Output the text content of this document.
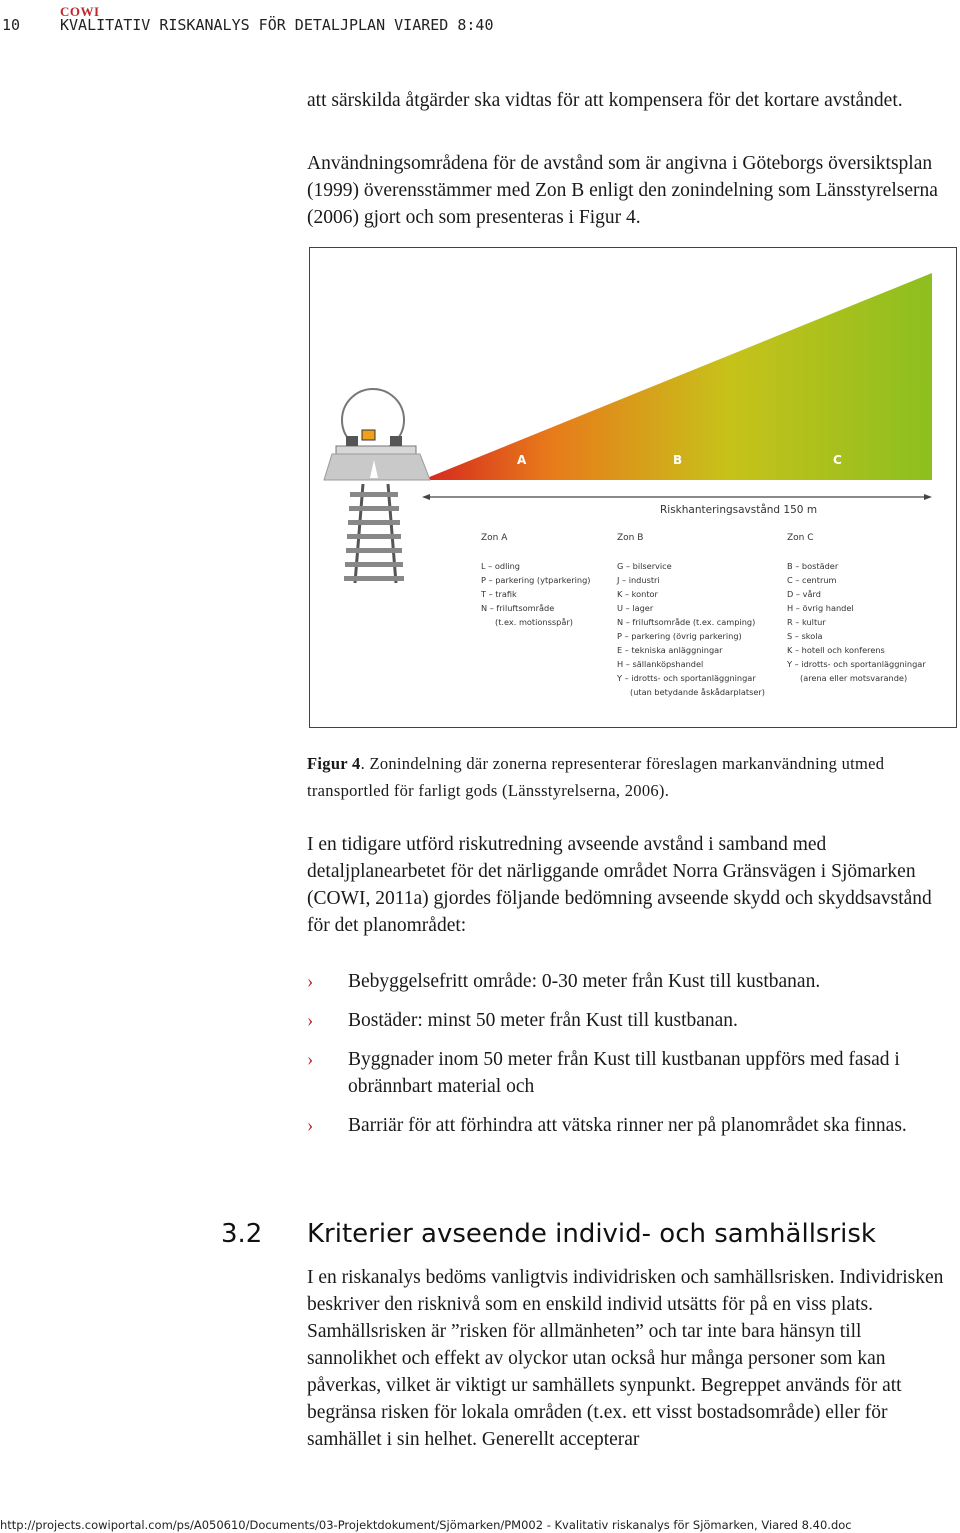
10
COWI
KVALITATIV RISKANALYS FÖR DETALJPLAN VIARED 8:40

att särskilda åtgärder ska vidtas för att kompensera för det kortare avståndet.

Användningsområdena för de avstånd som är angivna i Göteborgs översiktsplan (1999) överensstämmer med Zon B enligt den zonindelning som Länsstyrelserna (2006) gjort och som presenteras i Figur 4.

A	B	C
Riskhanteringsavstånd 150 m
Zon A
L – odling
P – parkering (ytparkering)
T – trafik
N – friluftsområde
(t.ex. motionsspår)
Zon B
G – bilservice
J – industri
K – kontor
U – lager
N – friluftsområde (t.ex. camping)
P – parkering (övrig parkering)
E – tekniska anläggningar
H – sällanköpshandel
Y – idrotts- och sportanläggningar
(utan betydande åskådarplatser)
Zon C
B – bostäder
C – centrum
D – vård
H – övrig handel
R – kultur
S – skola
K – hotell och konferens
Y – idrotts- och sportanläggningar
(arena eller motsvarande)

Figur 4. Zonindelning där zonerna representerar föreslagen markanvändning utmed transportled för farligt gods (Länsstyrelserna, 2006).

I en tidigare utförd riskutredning avseende avstånd i samband med detaljplanearbetet för det närliggande området Norra Gränsvägen i Sjömarken (COWI, 2011a) gjordes följande bedömning avseende skydd och skyddsavstånd för det planområdet:

› Bebyggelsefritt område: 0-30 meter från Kust till kustbanan.
› Bostäder: minst 50 meter från Kust till kustbanan.
› Byggnader inom 50 meter från Kust till kustbanan uppförs med fasad i obrännbart material och
› Barriär för att förhindra att vätska rinner ner på planområdet ska finnas.
3.2 Kriterier avseende individ- och samhällsrisk

I en riskanalys bedöms vanligtvis individrisken och samhällsrisken. Individrisken beskriver den risknivå som en enskild individ utsätts för på en viss plats. Samhällsrisken är ”risken för allmänheten” och tar inte bara hänsyn till sannolikhet och effekt av olyckor utan också hur många personer som kan påverkas, vilket är viktigt ur samhällets synpunkt. Begreppet används för att begränsa risken för lokala områden (t.ex. ett visst bostadsområde) eller för samhället i sin helhet. Generellt accepterar

http://projects.cowiportal.com/ps/A050610/Documents/03-Projektdokument/Sjömarken/PM002 - Kvalitativ riskanalys för Sjömarken, Viared 8.40.doc
